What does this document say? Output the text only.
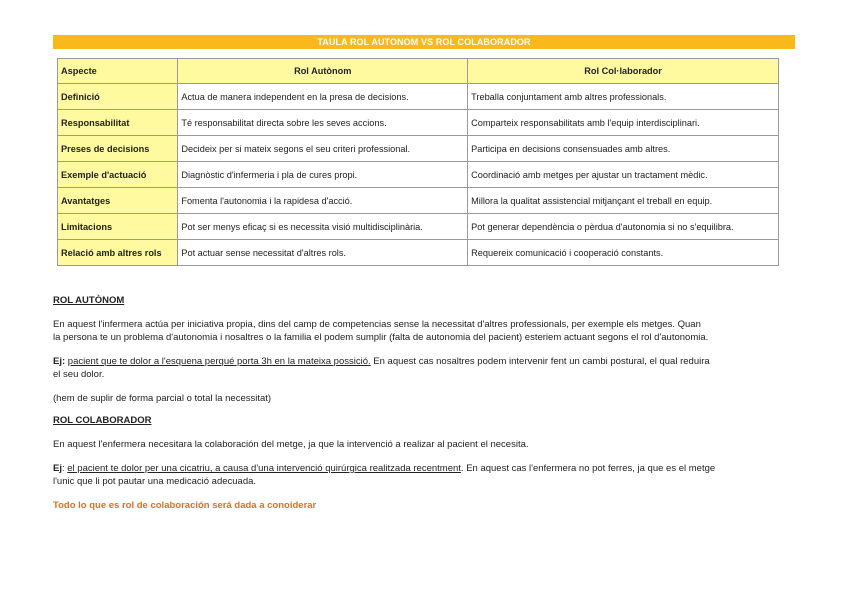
TAULA ROL AUTONOM VS ROL COLABORADOR
Aspecte	Rol Autònom	Rol Col·laborador
Definició	Actua de manera independent en la presa de decisions.	Treballa conjuntament amb altres professionals.
Responsabilitat	Té responsabilitat directa sobre les seves accions.	Comparteix responsabilitats amb l'equip interdisciplinari.
Preses de decisions	Decideix per si mateix segons el seu criteri professional.	Participa en decisions consensuades amb altres.
Exemple d'actuació	Diagnòstic d'infermeria i pla de cures propi.	Coordinació amb metges per ajustar un tractament mèdic.
Avantatges	Fomenta l'autonomia i la rapidesa d'acció.	Millora la qualitat assistencial mitjançant el treball en equip.
Limitacions	Pot ser menys eficaç si es necessita visió multidisciplinària.	Pot generar dependència o pèrdua d'autonomia si no s'equilibra.
Relació amb altres rols	Pot actuar sense necessitat d'altres rols.	Requereix comunicació i cooperació constants.
ROL AUTÒNOM
En aquest l'infermera actúa per iniciativa propia, dins del camp de competencias sense la necessitat d'altres professionals, per exemple els metges. Quan
la persona te un problema d'autonomia i nosaltres o la familia el podem sumplir (falta de autonomia del pacient) esteriem actuant segons el rol d'autonomia.
Ej: pacient que te dolor a l'esquena perqué porta 3h en la mateixa possició. En aquest cas nosaltres podem intervenir fent un cambi postural, el qual reduira
el seu dolor.
(hem de suplir de forma parcial o total la necessitat)
ROL COLABORADOR
En aquest l'enfermera necesitara la colaboración del metge, ja que la intervenció a realizar al pacient el necesita.
Ej: el pacient te dolor per una cicatriu, a causa d'una intervenció quirúrgica realitzada recentment. En aquest cas l'enfermera no pot ferres, ja que es el metge
l'unic que li pot pautar una medicació adecuada.
Todo lo que es rol de colaboración será dada a conoiderar
